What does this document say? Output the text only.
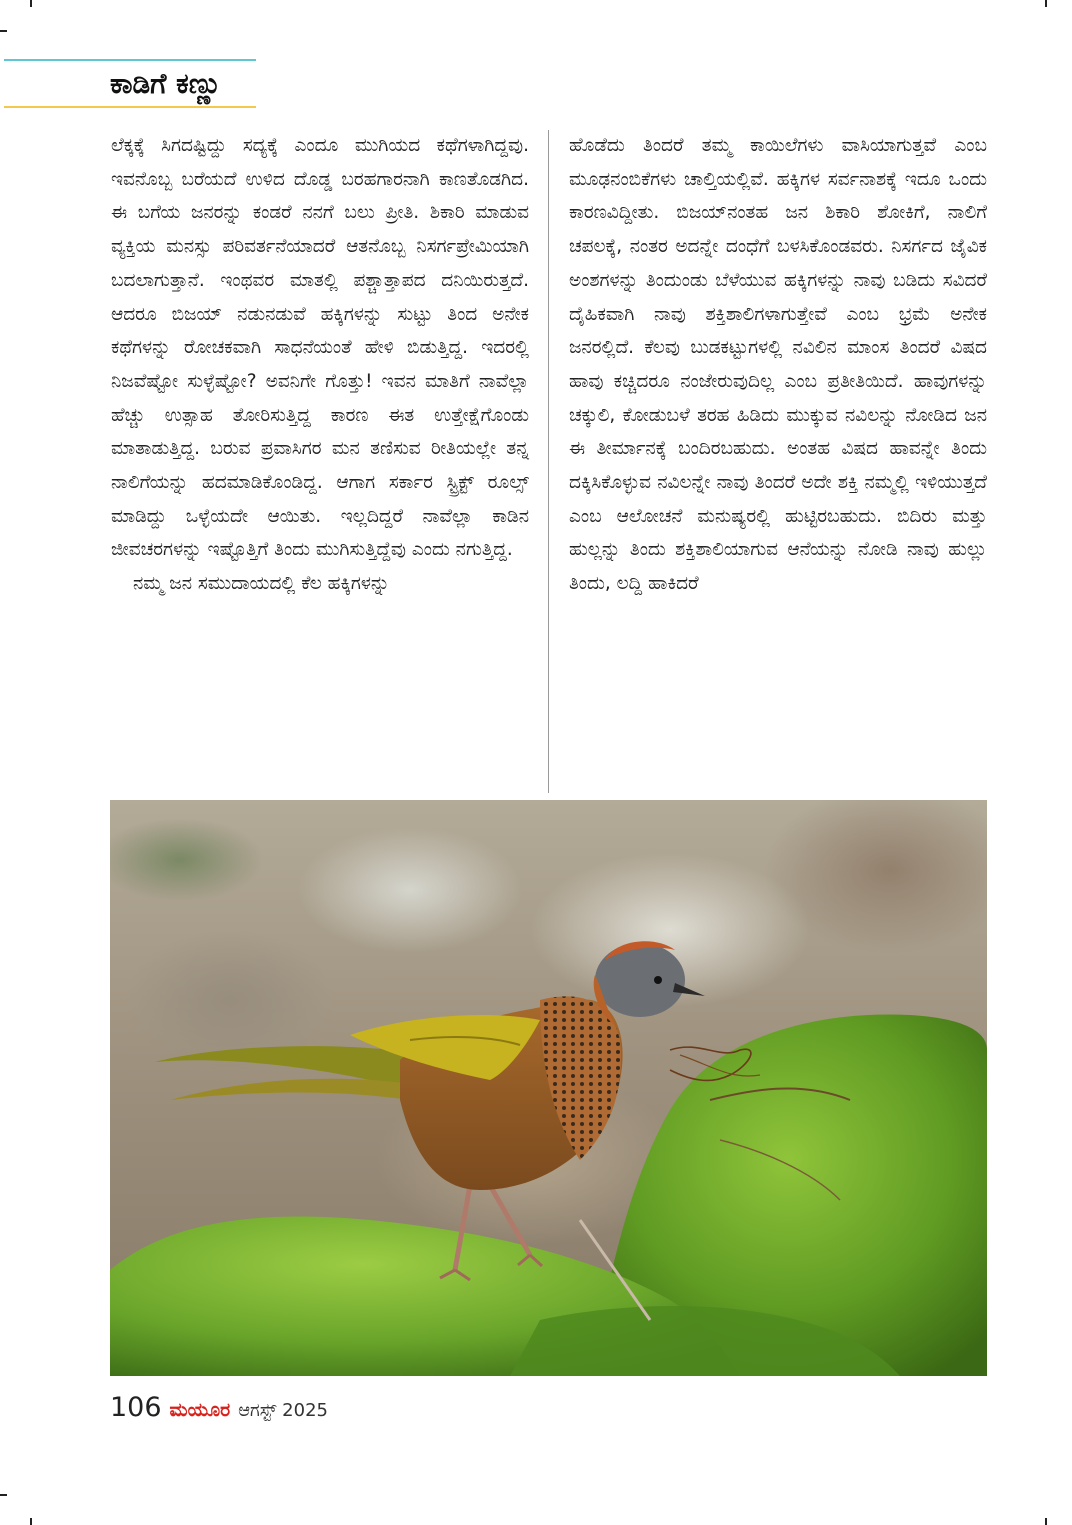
ಕಾಡಿಗೆ ಕಣ್ಣು

ಲೆಕ್ಕಕ್ಕೆ ಸಿಗದಷ್ಟಿದ್ದು ಸದ್ಯಕ್ಕೆ ಎಂದೂ ಮುಗಿಯದ ಕಥೆಗಳಾಗಿದ್ದವು. ಇವನೊಬ್ಬ ಬರೆಯದೆ ಉಳಿದ ದೊಡ್ಡ ಬರಹಗಾರನಾಗಿ ಕಾಣತೊಡಗಿದ. ಈ ಬಗೆಯ ಜನರನ್ನು ಕಂಡರೆ ನನಗೆ ಬಲು ಪ್ರೀತಿ. ಶಿಕಾರಿ ಮಾಡುವ ವ್ಯಕ್ತಿಯ ಮನಸ್ಸು ಪರಿವರ್ತನೆಯಾದರೆ ಆತನೊಬ್ಬ ನಿಸರ್ಗಪ್ರೇಮಿಯಾಗಿ ಬದಲಾಗುತ್ತಾನೆ. ಇಂಥವರ ಮಾತಲ್ಲಿ ಪಶ್ಚಾತ್ತಾಪದ ದನಿಯಿರುತ್ತದೆ. ಆದರೂ ಬಿಜಯ್ ನಡುನಡುವೆ ಹಕ್ಕಿಗಳನ್ನು ಸುಟ್ಟು ತಿಂದ ಅನೇಕ ಕಥೆಗಳನ್ನು ರೋಚಕವಾಗಿ ಸಾಧನೆಯಂತೆ ಹೇಳಿ ಬಿಡುತ್ತಿದ್ದ. ಇದರಲ್ಲಿ ನಿಜವೆಷ್ಟೋ ಸುಳ್ಳೆಷ್ಟೋ? ಅವನಿಗೇ ಗೊತ್ತು! ಇವನ ಮಾತಿಗೆ ನಾವೆಲ್ಲಾ ಹೆಚ್ಚು ಉತ್ಸಾಹ ತೋರಿಸುತ್ತಿದ್ದ ಕಾರಣ ಈತ ಉತ್ತೇಕ್ಷೆಗೊಂಡು ಮಾತಾಡುತ್ತಿದ್ದ. ಬರುವ ಪ್ರವಾಸಿಗರ ಮನ ತಣಿಸುವ ರೀತಿಯಲ್ಲೇ ತನ್ನ ನಾಲಿಗೆಯನ್ನು ಹದಮಾಡಿಕೊಂಡಿದ್ದ. ಆಗಾಗ ಸರ್ಕಾರ ಸ್ಟ್ರಿಕ್ಟ್ ರೂಲ್ಸ್ ಮಾಡಿದ್ದು ಒಳ್ಳೆಯದೇ ಆಯಿತು. ಇಲ್ಲದಿದ್ದರೆ ನಾವೆಲ್ಲಾ ಕಾಡಿನ ಜೀವಚರಗಳನ್ನು ಇಷ್ಟೊತ್ತಿಗೆ ತಿಂದು ಮುಗಿಸುತ್ತಿದ್ದೆವು ಎಂದು ನಗುತ್ತಿದ್ದ.

ನಮ್ಮ ಜನ ಸಮುದಾಯದಲ್ಲಿ ಕೆಲ ಹಕ್ಕಿಗಳನ್ನು

ಹೊಡೆದು ತಿಂದರೆ ತಮ್ಮ ಕಾಯಿಲೆಗಳು ವಾಸಿಯಾಗುತ್ತವೆ ಎಂಬ ಮೂಢನಂಬಿಕೆಗಳು ಚಾಲ್ತಿಯಲ್ಲಿವೆ. ಹಕ್ಕಿಗಳ ಸರ್ವನಾಶಕ್ಕೆ ಇದೂ ಒಂದು ಕಾರಣವಿದ್ದೀತು. ಬಿಜಯ್‌ನಂತಹ ಜನ ಶಿಕಾರಿ ಶೋಕಿಗೆ, ನಾಲಿಗೆ ಚಪಲಕ್ಕೆ, ನಂತರ ಅದನ್ನೇ ದಂಧೆಗೆ ಬಳಸಿಕೊಂಡವರು. ನಿಸರ್ಗದ ಜೈವಿಕ ಅಂಶಗಳನ್ನು ತಿಂದುಂಡು ಬೆಳೆಯುವ ಹಕ್ಕಿಗಳನ್ನು ನಾವು ಬಡಿದು ಸವಿದರೆ ದೈಹಿಕವಾಗಿ ನಾವು ಶಕ್ತಿಶಾಲಿಗಳಾಗುತ್ತೇವೆ ಎಂಬ ಭ್ರಮೆ ಅನೇಕ ಜನರಲ್ಲಿದೆ. ಕೆಲವು ಬುಡಕಟ್ಟುಗಳಲ್ಲಿ ನವಿಲಿನ ಮಾಂಸ ತಿಂದರೆ ವಿಷದ ಹಾವು ಕಚ್ಚಿದರೂ ನಂಜೇರುವುದಿಲ್ಲ ಎಂಬ ಪ್ರತೀತಿಯಿದೆ. ಹಾವುಗಳನ್ನು ಚಕ್ಕುಲಿ, ಕೋಡುಬಳೆ ತರಹ ಹಿಡಿದು ಮುಕ್ಕುವ ನವಿಲನ್ನು ನೋಡಿದ ಜನ ಈ ತೀರ್ಮಾನಕ್ಕೆ ಬಂದಿರಬಹುದು. ಅಂತಹ ವಿಷದ ಹಾವನ್ನೇ ತಿಂದು ದಕ್ಕಿಸಿಕೊಳ್ಳುವ ನವಿಲನ್ನೇ ನಾವು ತಿಂದರೆ ಅದೇ ಶಕ್ತಿ ನಮ್ಮಲ್ಲಿ ಇಳಿಯುತ್ತದೆ ಎಂಬ ಆಲೋಚನೆ ಮನುಷ್ಯರಲ್ಲಿ ಹುಟ್ಟಿರಬಹುದು. ಬಿದಿರು ಮತ್ತು ಹುಲ್ಲನ್ನು ತಿಂದು ಶಕ್ತಿಶಾಲಿಯಾಗುವ ಆನೆಯನ್ನು ನೋಡಿ ನಾವು ಹುಲ್ಲು ತಿಂದು, ಲದ್ದಿ ಹಾಕಿದರೆ

106 ಮಯೂರ ಆಗಸ್ಟ್ 2025
